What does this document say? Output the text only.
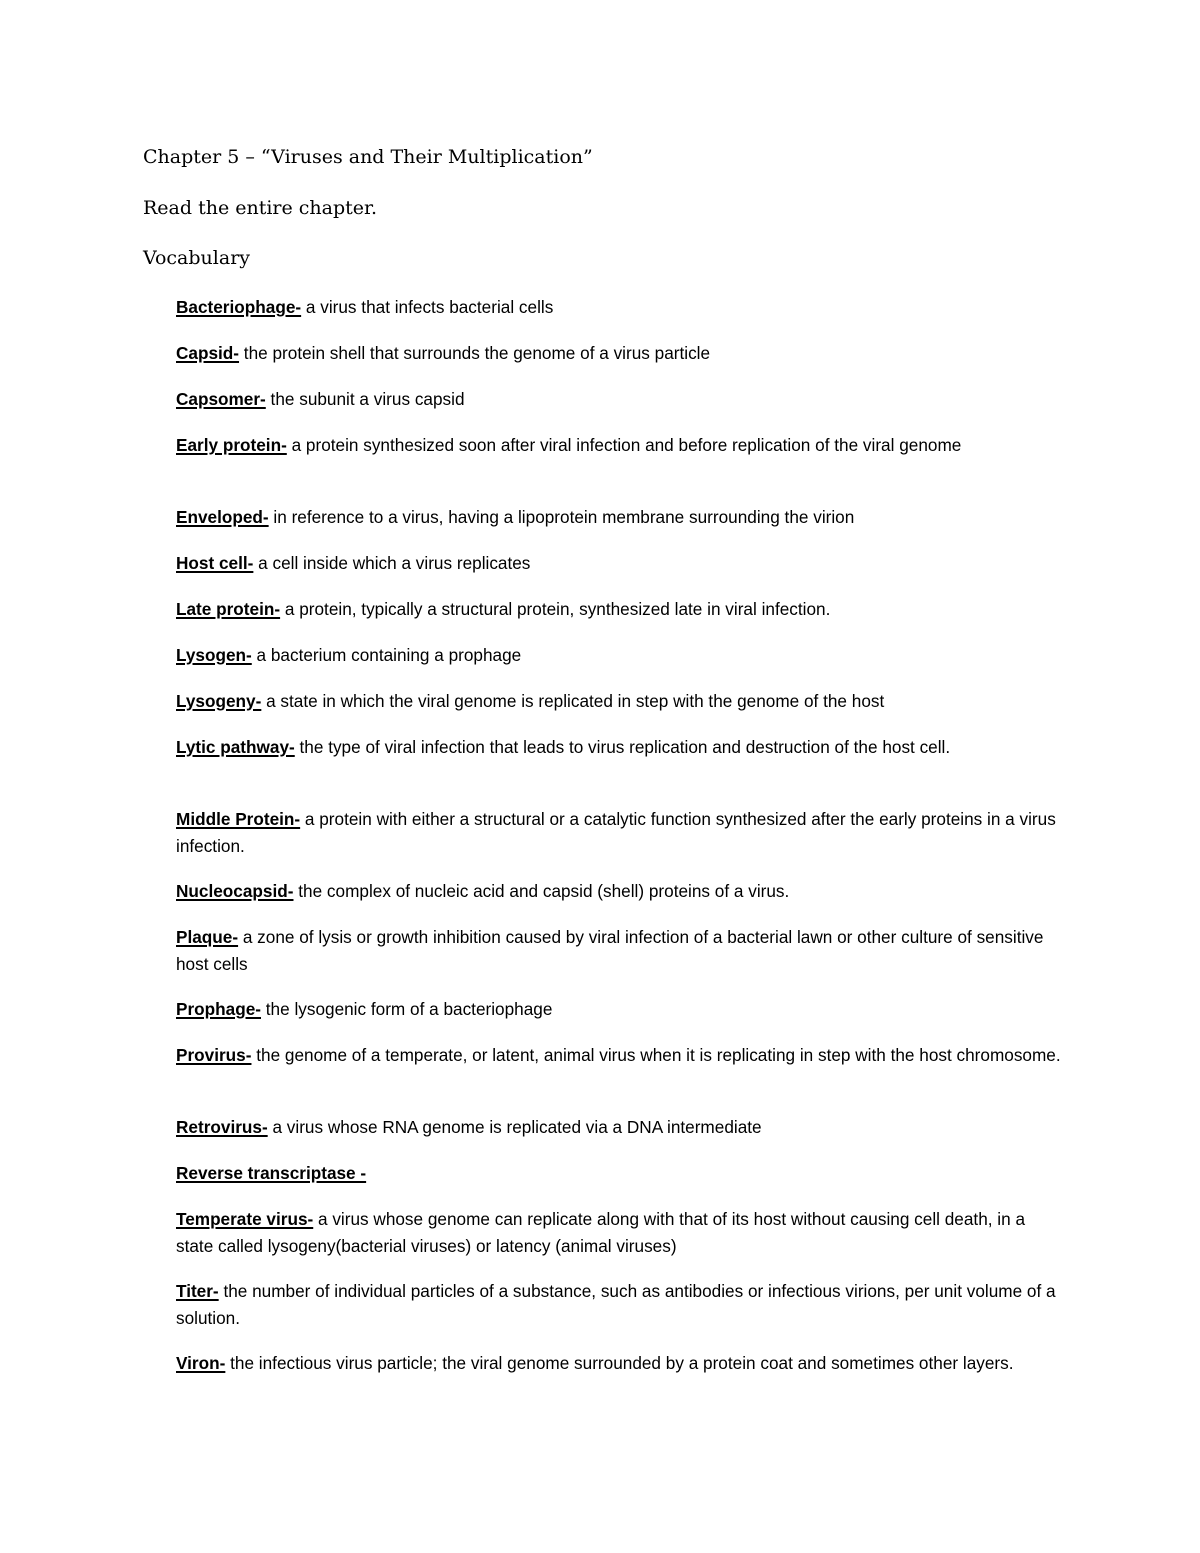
Chapter 5 – “Viruses and Their Multiplication”
Read the entire chapter.
Vocabulary
Bacteriophage- a virus that infects bacterial cells
Capsid- the protein shell that surrounds the genome of a virus particle
Capsomer- the subunit a virus capsid
Early protein- a protein synthesized soon after viral infection and before replication of the viral genome
Enveloped- in reference to a virus, having a lipoprotein membrane surrounding the virion
Host cell- a cell inside which a virus replicates
Late protein- a protein, typically a structural protein, synthesized late in viral infection.
Lysogen- a bacterium containing a prophage
Lysogeny- a state in which the viral genome is replicated in step with the genome of the host
Lytic pathway- the type of viral infection that leads to virus replication and destruction of the host cell.
Middle Protein- a protein with either a structural or a catalytic function synthesized after the early proteins in a virus infection.
Nucleocapsid- the complex of nucleic acid and capsid (shell) proteins of a virus.
Plaque- a zone of lysis or growth inhibition caused by viral infection of a bacterial lawn or other culture of sensitive host cells
Prophage- the lysogenic form of a bacteriophage
Provirus- the genome of a temperate, or latent, animal virus when it is replicating in step with the host chromosome.
Retrovirus- a virus whose RNA genome is replicated via a DNA intermediate
Reverse transcriptase -
Temperate virus- a virus whose genome can replicate along with that of its host without causing cell death, in a state called lysogeny(bacterial viruses) or latency (animal viruses)
Titer- the number of individual particles of a substance, such as antibodies or infectious virions, per unit volume of a solution.
Viron- the infectious virus particle; the viral genome surrounded by a protein coat and sometimes other layers.
